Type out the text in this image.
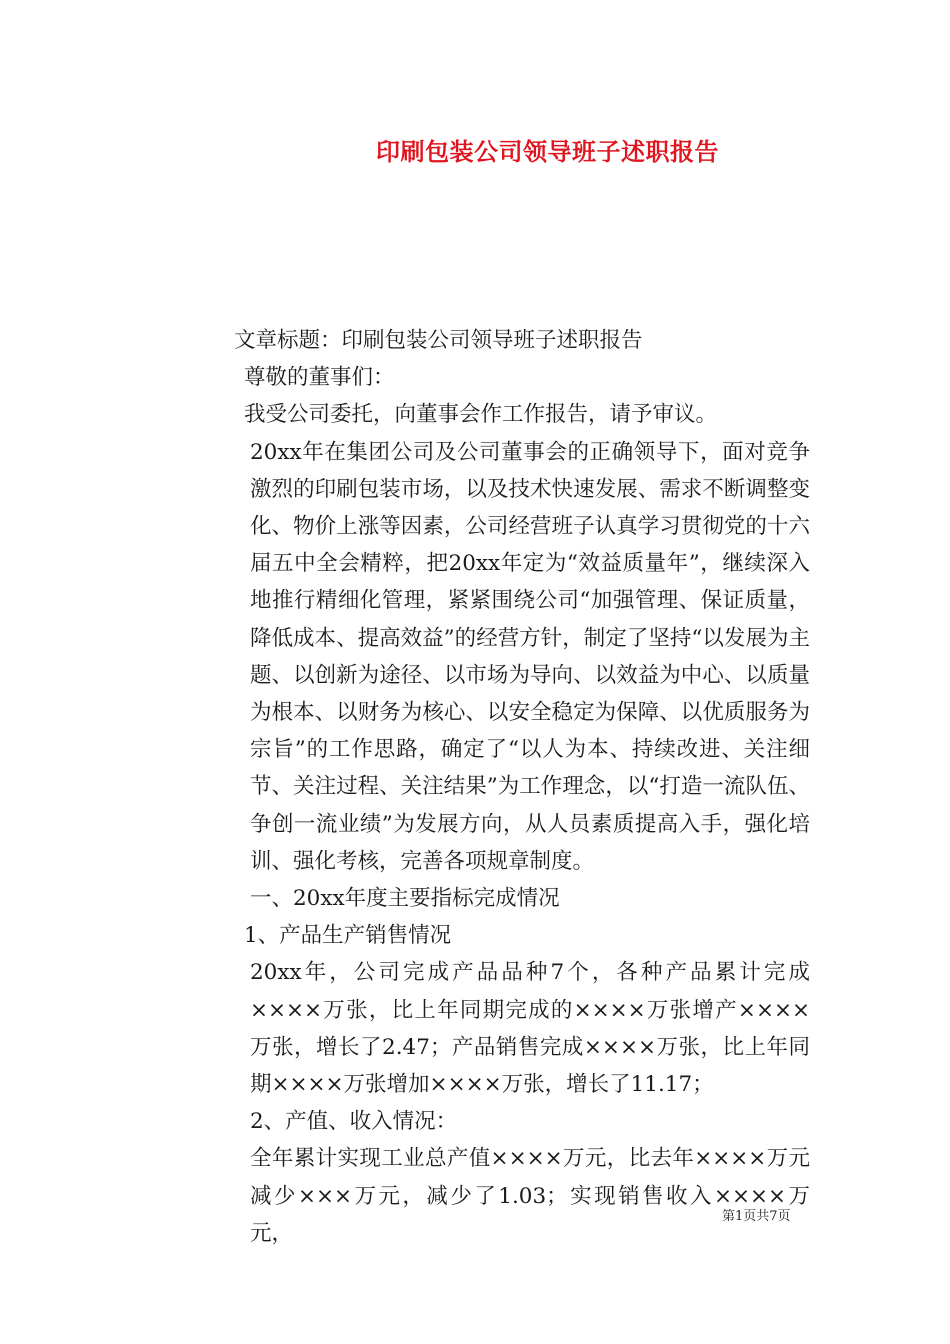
印刷包装公司领导班子述职报告

文章标题：印刷包装公司领导班子述职报告

尊敬的董事们：

我受公司委托，向董事会作工作报告，请予审议。

20xx年在集团公司及公司董事会的正确领导下，面对竞争激烈的印刷包装市场，以及技术快速发展、需求不断调整变化、物价上涨等因素，公司经营班子认真学习贯彻党的十六届五中全会精粹，把20xx年定为“效益质量年”，继续深入地推行精细化管理，紧紧围绕公司“加强管理、保证质量，降低成本、提高效益”的经营方针，制定了坚持“以发展为主题、以创新为途径、以市场为导向、以效益为中心、以质量为根本、以财务为核心、以安全稳定为保障、以优质服务为宗旨”的工作思路，确定了“以人为本、持续改进、关注细节、关注过程、关注结果”为工作理念，以“打造一流队伍、争创一流业绩”为发展方向，从人员素质提高入手，强化培训、强化考核，完善各项规章制度。

一、20xx年度主要指标完成情况

1、产品生产销售情况

20xx年，公司完成产品品种7个，各种产品累计完成××××万张，比上年同期完成的××××万张增产××××万张，增长了2.47；产品销售完成××××万张，比上年同期××××万张增加××××万张，增长了11.17；

2、产值、收入情况：

全年累计实现工业总产值××××万元，比去年××××万元减少×××万元，减少了1.03；实现销售收入××××万元，

第1页共7页
